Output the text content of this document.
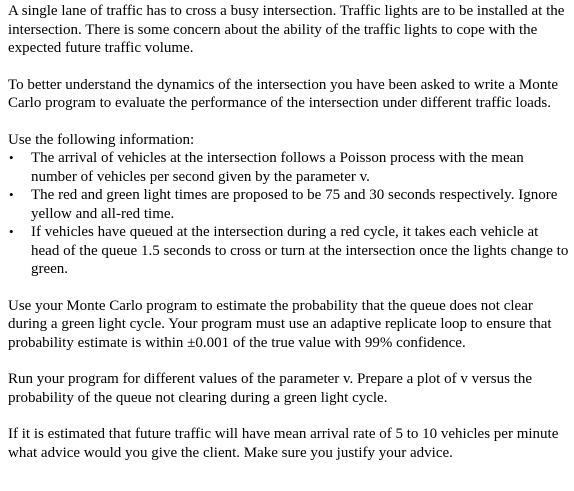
A single lane of traffic has to cross a busy intersection. Traffic lights are to be installed at the intersection. There is some concern about the ability of the traffic lights to cope with the expected future traffic volume.

To better understand the dynamics of the intersection you have been asked to write a Monte Carlo program to evaluate the performance of the intersection under different traffic loads.

Use the following information:

• The arrival of vehicles at the intersection follows a Poisson process with the mean number of vehicles per second given by the parameter v.
• The red and green light times are proposed to be 75 and 30 seconds respectively. Ignore yellow and all-red time.
• If vehicles have queued at the intersection during a red cycle, it takes each vehicle at head of the queue 1.5 seconds to cross or turn at the intersection once the lights change to green.

Use your Monte Carlo program to estimate the probability that the queue does not clear during a green light cycle. Your program must use an adaptive replicate loop to ensure that probability estimate is within ±0.001 of the true value with 99% confidence.

Run your program for different values of the parameter v. Prepare a plot of v versus the probability of the queue not clearing during a green light cycle.

If it is estimated that future traffic will have mean arrival rate of 5 to 10 vehicles per minute what advice would you give the client. Make sure you justify your advice.
